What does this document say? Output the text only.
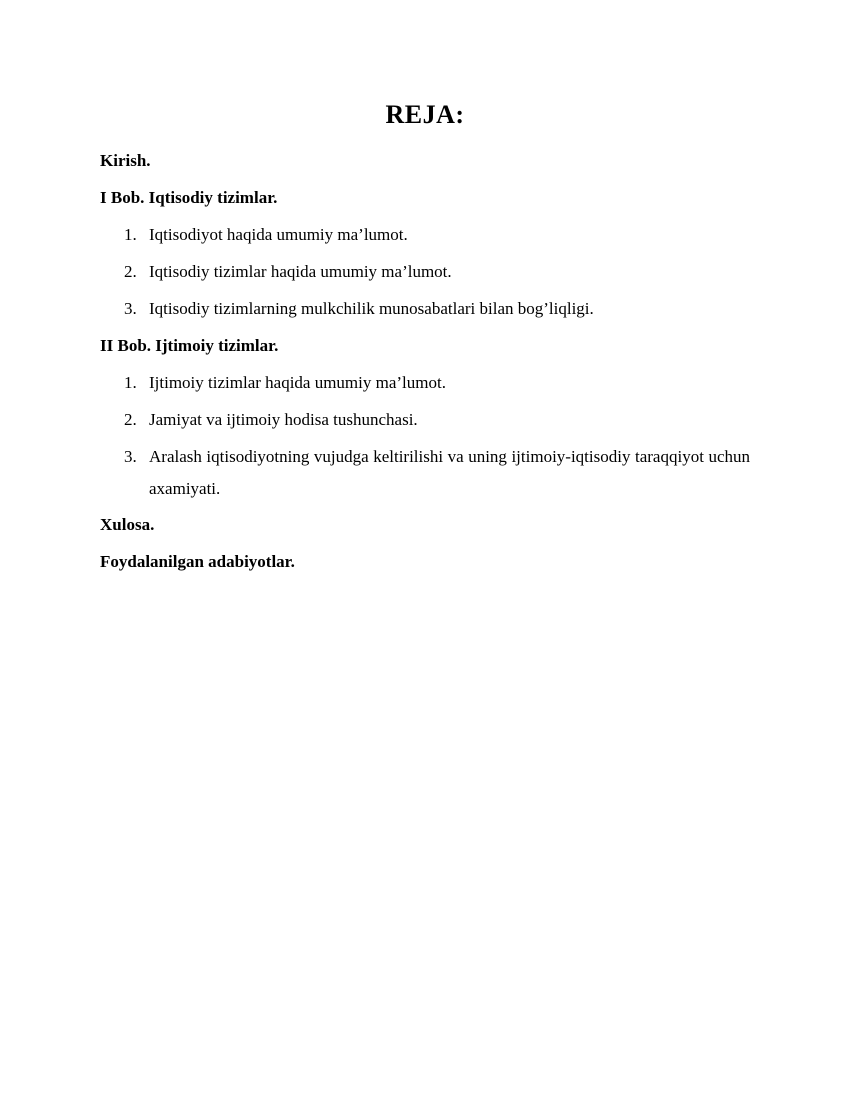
REJA:
Kirish.
I Bob. Iqtisodiy tizimlar.
1. Iqtisodiyot haqida umumiy ma’lumot.
2. Iqtisodiy tizimlar haqida umumiy ma’lumot.
3. Iqtisodiy tizimlarning mulkchilik munosabatlari bilan bog’liqligi.
II Bob. Ijtimoiy tizimlar.
1. Ijtimoiy tizimlar haqida umumiy ma’lumot.
2. Jamiyat va ijtimoiy hodisa tushunchasi.
3. Aralash iqtisodiyotning vujudga keltirilishi va uning ijtimoiy-iqtisodiy taraqqiyot uchun axamiyati.
Xulosa.
Foydalanilgan adabiyotlar.
